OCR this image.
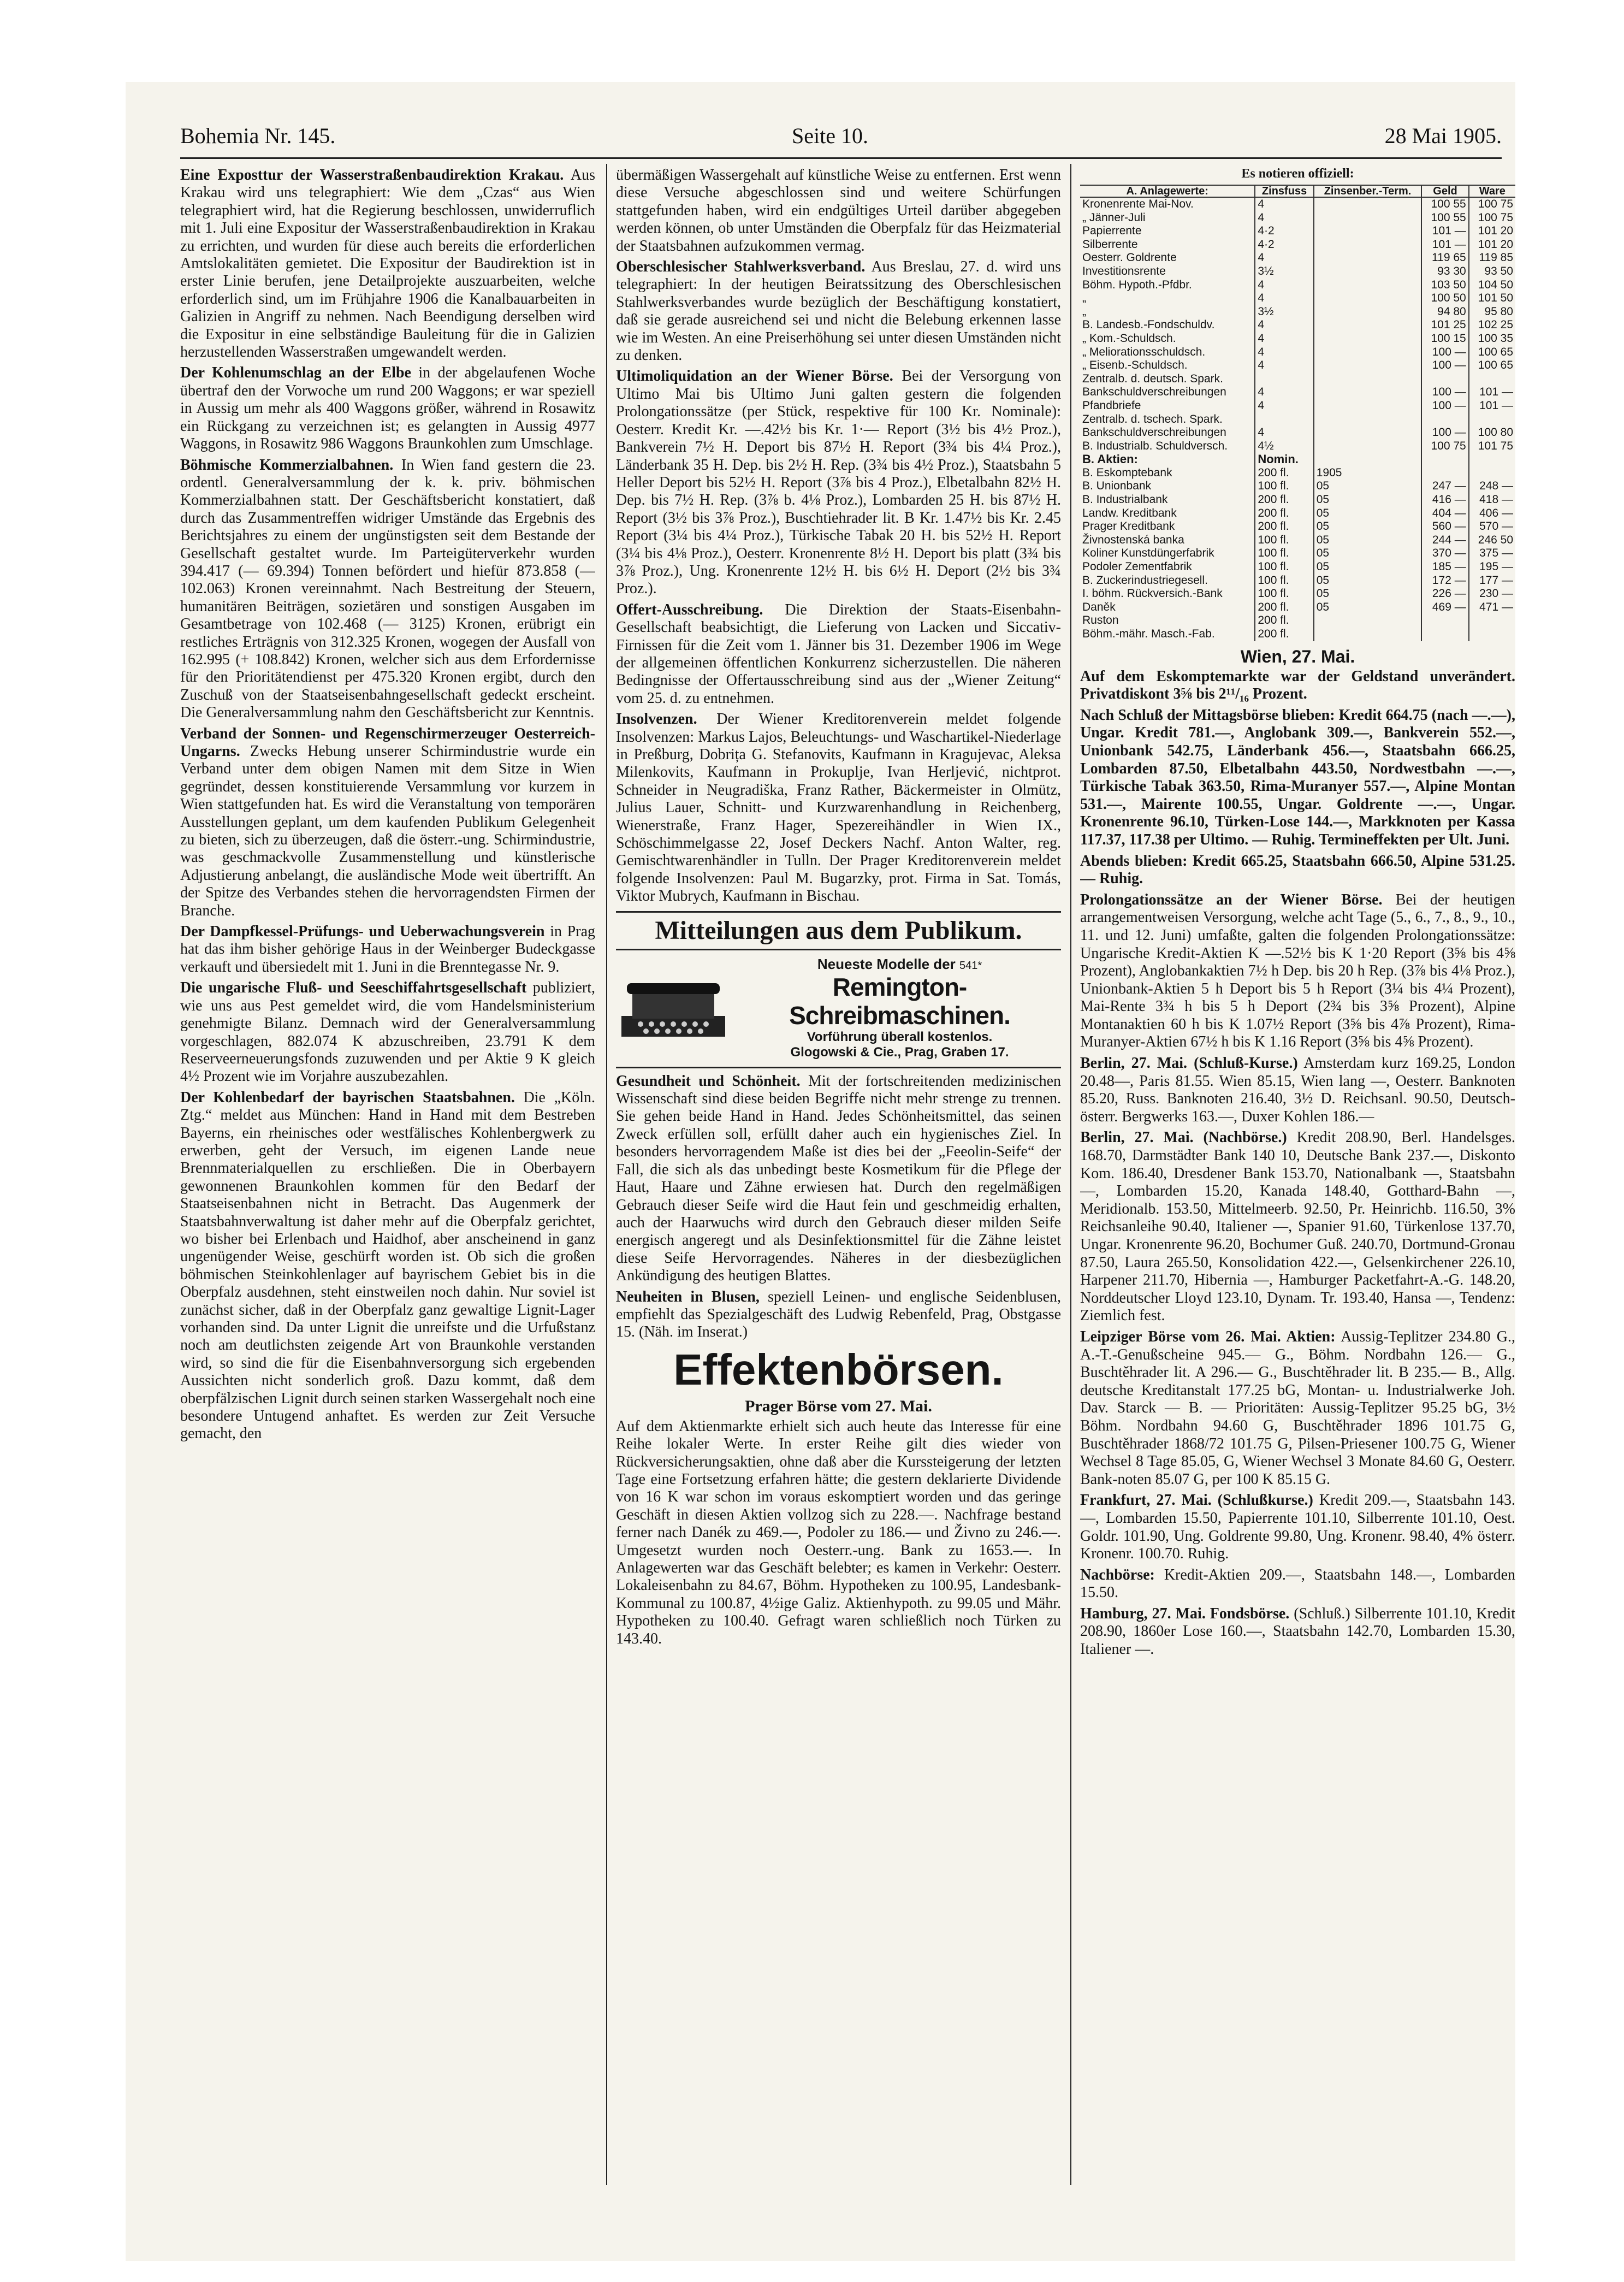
Bohemia Nr. 145.	Seite 10.	28 Mai 1905.

Eine Exposttur der Wasserstraßenbaudirektion Krakau. Aus Krakau wird uns telegraphiert: Wie dem „Czas“ aus Wien telegraphiert wird, hat die Regierung beschlossen, unwiderruflich mit 1. Juli eine Expositur der Wasserstraßenbaudirektion in Krakau zu errichten, und wurden für diese auch bereits die erforderlichen Amtslokalitäten gemietet. Die Expositur der Baudirektion ist in erster Linie berufen, jene Detailprojekte auszuarbeiten, welche erforderlich sind, um im Frühjahre 1906 die Kanalbauarbeiten in Galizien in Angriff zu nehmen. Nach Beendigung derselben wird die Expositur in eine selbständige Bauleitung für die in Galizien herzustellenden Wasserstraßen umgewandelt werden.

Der Kohlenumschlag an der Elbe in der abgelaufenen Woche übertraf den der Vorwoche um rund 200 Waggons; er war speziell in Aussig um mehr als 400 Waggons größer, während in Rosawitz ein Rückgang zu verzeichnen ist; es gelangten in Aussig 4977 Waggons, in Rosawitz 986 Waggons Braunkohlen zum Umschlage.

Böhmische Kommerzialbahnen. In Wien fand gestern die 23. ordentl. Generalversammlung der k. k. priv. böhmischen Kommerzialbahnen statt. Der Geschäftsbericht konstatiert, daß durch das Zusammentreffen widriger Umstände das Ergebnis des Berichtsjahres zu einem der ungünstigsten seit dem Bestande der Gesellschaft gestaltet wurde. Im Parteigüterverkehr wurden 394.417 (— 69.394) Tonnen befördert und hiefür 873.858 (— 102.063) Kronen vereinnahmt. Nach Bestreitung der Steuern, humanitären Beiträgen, sozietären und sonstigen Ausgaben im Gesamtbetrage von 102.468 (— 3125) Kronen, erübrigt ein restliches Erträgnis von 312.325 Kronen, wogegen der Ausfall von 162.995 (+ 108.842) Kronen, welcher sich aus dem Erfordernisse für den Prioritätendienst per 475.320 Kronen ergibt, durch den Zuschuß von der Staatseisenbahngesellschaft gedeckt erscheint. Die Generalversammlung nahm den Geschäftsbericht zur Kenntnis.

Verband der Sonnen- und Regenschirmerzeuger Oesterreich-Ungarns. Zwecks Hebung unserer Schirmindustrie wurde ein Verband unter dem obigen Namen mit dem Sitze in Wien gegründet, dessen konstituierende Versammlung vor kurzem in Wien stattgefunden hat. Es wird die Veranstaltung von temporären Ausstellungen geplant, um dem kaufenden Publikum Gelegenheit zu bieten, sich zu überzeugen, daß die österr.-ung. Schirmindustrie, was geschmackvolle Zusammenstellung und künstlerische Adjustierung anbelangt, die ausländische Mode weit übertrifft. An der Spitze des Verbandes stehen die hervorragendsten Firmen der Branche.

Der Dampfkessel-Prüfungs- und Ueberwachungsverein in Prag hat das ihm bisher gehörige Haus in der Weinberger Budeckgasse verkauft und übersiedelt mit 1. Juni in die Brenntegasse Nr. 9.

Die ungarische Fluß- und Seeschiffahrtsgesellschaft publiziert, wie uns aus Pest gemeldet wird, die vom Handelsministerium genehmigte Bilanz. Demnach wird der Generalversammlung vorgeschlagen, 882.074 K abzuschreiben, 23.791 K dem Reserveerneuerungsfonds zuzuwenden und per Aktie 9 K gleich 4½ Prozent wie im Vorjahre auszubezahlen.

Der Kohlenbedarf der bayrischen Staatsbahnen. Die „Köln. Ztg.“ meldet aus München: Hand in Hand mit dem Bestreben Bayerns, ein rheinisches oder westfälisches Kohlenbergwerk zu erwerben, geht der Versuch, im eigenen Lande neue Brennmaterialquellen zu erschließen. Die in Oberbayern gewonnenen Braunkohlen kommen für den Bedarf der Staatseisenbahnen nicht in Betracht. Das Augenmerk der Staatsbahnverwaltung ist daher mehr auf die Oberpfalz gerichtet, wo bisher bei Erlenbach und Haidhof, aber anscheinend in ganz ungenügender Weise, geschürft worden ist. Ob sich die großen böhmischen Steinkohlenlager auf bayrischem Gebiet bis in die Oberpfalz ausdehnen, steht einstweilen noch dahin. Nur soviel ist zunächst sicher, daß in der Oberpfalz ganz gewaltige Lignit-Lager vorhanden sind. Da unter Lignit die unreifste und die Urfußstanz noch am deutlichsten zeigende Art von Braunkohle verstanden wird, so sind die für die Eisenbahnversorgung sich ergebenden Aussichten nicht sonderlich groß. Dazu kommt, daß dem oberpfälzischen Lignit durch seinen starken Wassergehalt noch eine besondere Untugend anhaftet. Es werden zur Zeit Versuche gemacht, den

übermäßigen Wassergehalt auf künstliche Weise zu entfernen. Erst wenn diese Versuche abgeschlossen sind und weitere Schürfungen stattgefunden haben, wird ein endgültiges Urteil darüber abgegeben werden können, ob unter Umständen die Oberpfalz für das Heizmaterial der Staatsbahnen aufzukommen vermag.

Oberschlesischer Stahlwerksverband. Aus Breslau, 27. d. wird uns telegraphiert: In der heutigen Beiratssitzung des Oberschlesischen Stahlwerksverbandes wurde bezüglich der Beschäftigung konstatiert, daß sie gerade ausreichend sei und nicht die Belebung erkennen lasse wie im Westen. An eine Preiserhöhung sei unter diesen Umständen nicht zu denken.

Ultimoliquidation an der Wiener Börse. Bei der Versorgung von Ultimo Mai bis Ultimo Juni galten gestern die folgenden Prolongationssätze (per Stück, respektive für 100 Kr. Nominale): Oesterr. Kredit Kr. —.42½ bis Kr. 1·— Report (3½ bis 4½ Proz.), Bankverein 7½ H. Deport bis 87½ H. Report (3¾ bis 4¼ Proz.), Länderbank 35 H. Dep. bis 2½ H. Rep. (3¾ bis 4½ Proz.), Staatsbahn 5 Heller Deport bis 52½ H. Report (3⅞ bis 4 Proz.), Elbetalbahn 82½ H. Dep. bis 7½ H. Rep. (3⅞ b. 4⅛ Proz.), Lombarden 25 H. bis 87½ H. Report (3½ bis 3⅞ Proz.), Buschtiehrader lit. B Kr. 1.47½ bis Kr. 2.45 Report (3¼ bis 4¼ Proz.), Türkische Tabak 20 H. bis 52½ H. Report (3¼ bis 4⅛ Proz.), Oesterr. Kronenrente 8½ H. Deport bis platt (3¾ bis 3⅞ Proz.), Ung. Kronenrente 12½ H. bis 6½ H. Deport (2½ bis 3¾ Proz.).

Offert-Ausschreibung. Die Direktion der Staats-Eisenbahn-Gesellschaft beabsichtigt, die Lieferung von Lacken und Siccativ-Firnissen für die Zeit vom 1. Jänner bis 31. Dezember 1906 im Wege der allgemeinen öffentlichen Konkurrenz sicherzustellen. Die näheren Bedingnisse der Offertausschreibung sind aus der „Wiener Zeitung“ vom 25. d. zu entnehmen.

Insolvenzen. Der Wiener Kreditorenverein meldet folgende Insolvenzen: Markus Lajos, Beleuchtungs- und Waschartikel-Niederlage in Preßburg, Dobrița G. Stefanovits, Kaufmann in Kragujevac, Aleksa Milenkovits, Kaufmann in Prokuplje, Ivan Herljević, nichtprot. Schneider in Neugradiška, Franz Rather, Bäckermeister in Olmütz, Julius Lauer, Schnitt- und Kurzwarenhandlung in Reichenberg, Wienerstraße, Franz Hager, Spezereihändler in Wien IX., Schöschimmelgasse 22, Josef Deckers Nachf. Anton Walter, reg. Gemischtwarenhändler in Tulln. Der Prager Kreditorenverein meldet folgende Insolvenzen: Paul M. Bugarzky, prot. Firma in Sat. Tomás, Viktor Mubrych, Kaufmann in Bischau.

Mitteilungen aus dem Publikum.
Neueste Modelle der 541*
Remington-Schreibmaschinen.
Vorführung überall kostenlos.
Glogowski & Cie., Prag, Graben 17.

Gesundheit und Schönheit. Mit der fortschreitenden medizinischen Wissenschaft sind diese beiden Begriffe nicht mehr strenge zu trennen. Sie gehen beide Hand in Hand. Jedes Schönheitsmittel, das seinen Zweck erfüllen soll, erfüllt daher auch ein hygienisches Ziel. In besonders hervorragendem Maße ist dies bei der „Feeolin-Seife“ der Fall, die sich als das unbedingt beste Kosmetikum für die Pflege der Haut, Haare und Zähne erwiesen hat. Durch den regelmäßigen Gebrauch dieser Seife wird die Haut fein und geschmeidig erhalten, auch der Haarwuchs wird durch den Gebrauch dieser milden Seife energisch angeregt und als Desinfektionsmittel für die Zähne leistet diese Seife Hervorragendes. Näheres in der diesbezüglichen Ankündigung des heutigen Blattes.

Neuheiten in Blusen, speziell Leinen- und englische Seidenblusen, empfiehlt das Spezialgeschäft des Ludwig Rebenfeld, Prag, Obstgasse 15. (Näh. im Inserat.)

Effektenbörsen.
Prager Börse vom 27. Mai.

Auf dem Aktienmarkte erhielt sich auch heute das Interesse für eine Reihe lokaler Werte. In erster Reihe gilt dies wieder von Rückversicherungsaktien, ohne daß aber die Kurssteigerung der letzten Tage eine Fortsetzung erfahren hätte; die gestern deklarierte Dividende von 16 K war schon im voraus eskomptiert worden und das geringe Geschäft in diesen Aktien vollzog sich zu 228.—. Nachfrage bestand ferner nach Danék zu 469.—, Podoler zu 186.— und Živno zu 246.—. Umgesetzt wurden noch Oesterr.-ung. Bank zu 1653.—. In Anlagewerten war das Geschäft belebter; es kamen in Verkehr: Oesterr. Lokaleisenbahn zu 84.67, Böhm. Hypotheken zu 100.95, Landesbank-Kommunal zu 100.87, 4½ige Galiz. Aktienhypoth. zu 99.05 und Mähr. Hypotheken zu 100.40. Gefragt waren schließlich noch Türken zu 143.40.

Es notieren offiziell:
A. Anlagewerte:	Zinsfuss	Zinsenber.-Term.	Geld	Ware
Kronenrente Mai-Nov.	4		100 55	100 75
„ Jänner-Juli	4		100 55	100 75
Papierrente	4·2		101 —	101 20
Silberrente	4·2		101 —	101 20
Oesterr. Goldrente	4		119 65	119 85
Investitionsrente	3½		93 30	93 50
Böhm. Hypoth.-Pfdbr.	4		103 50	104 50
„	4		100 50	101 50
„	3½		94 80	95 80
B. Landesb.-Fondschuldv.	4		101 25	102 25
„ Kom.-Schuldsch.	4		100 15	100 35
„ Meliorationsschuldsch.	4		100 —	100 65
„ Eisenb.-Schuldsch.	4		100 —	100 65
Zentralb. d. deutsch. Spark.				
Bankschuldverschreibungen	4		100 —	101 —
Pfandbriefe	4		100 —	101 —
Zentralb. d. tschech. Spark.				
Bankschuldverschreibungen	4		100 —	100 80
B. Industrialb. Schuldversch.	4½		100 75	101 75
B. Aktien:	Nomin.			
B. Eskomptebank	200 fl.	1905		
B. Unionbank	100 fl.	05	247 —	248 —
B. Industrialbank	200 fl.	05	416 —	418 —
Landw. Kreditbank	200 fl.	05	404 —	406 —
Prager Kreditbank	200 fl.	05	560 —	570 —
Živnostenská banka	100 fl.	05	244 —	246 50
Koliner Kunstdüngerfabrik	100 fl.	05	370 —	375 —
Podoler Zementfabrik	100 fl.	05	185 —	195 —
B. Zuckerindustriegesell.	100 fl.	05	172 —	177 —
I. böhm. Rückversich.-Bank	100 fl.	05	226 —	230 —
Daněk	200 fl.	05	469 —	471 —
Ruston	200 fl.			
Böhm.-mähr. Masch.-Fab.	200 fl.			
Wien, 27. Mai.

Auf dem Eskomptemarkte war der Geldstand unverändert. Privatdiskont 3⅝ bis 2¹¹/₁₆ Prozent.

Nach Schluß der Mittagsbörse blieben: Kredit 664.75 (nach —.—), Ungar. Kredit 781.—, Anglobank 309.—, Bankverein 552.—, Unionbank 542.75, Länderbank 456.—, Staatsbahn 666.25, Lombarden 87.50, Elbetalbahn 443.50, Nordwestbahn —.—, Türkische Tabak 363.50, Rima-Muranyer 557.—, Alpine Montan 531.—, Mairente 100.55, Ungar. Goldrente —.—, Ungar. Kronenrente 96.10, Türken-Lose 144.—, Markknoten per Kassa 117.37, 117.38 per Ultimo. — Ruhig. Termineffekten per Ult. Juni.

Abends blieben: Kredit 665.25, Staatsbahn 666.50, Alpine 531.25. — Ruhig.

Prolongationssätze an der Wiener Börse. Bei der heutigen arrangementweisen Versorgung, welche acht Tage (5., 6., 7., 8., 9., 10., 11. und 12. Juni) umfaßte, galten die folgenden Prolongationssätze: Ungarische Kredit-Aktien K —.52½ bis K 1·20 Report (3⅝ bis 4⅝ Prozent), Anglobankaktien 7½ h Dep. bis 20 h Rep. (3⅞ bis 4⅛ Proz.), Unionbank-Aktien 5 h Deport bis 5 h Report (3¼ bis 4¼ Prozent), Mai-Rente 3¾ h bis 5 h Deport (2¾ bis 3⅝ Prozent), Alpine Montanaktien 60 h bis K 1.07½ Report (3⅝ bis 4⅞ Prozent), Rima-Muranyer-Aktien 67½ h bis K 1.16 Report (3⅝ bis 4⅝ Prozent).

Berlin, 27. Mai. (Schluß-Kurse.) Amsterdam kurz 169.25, London 20.48—, Paris 81.55. Wien 85.15, Wien lang —, Oesterr. Banknoten 85.20, Russ. Banknoten 216.40, 3½ D. Reichsanl. 90.50, Deutsch-österr. Bergwerks 163.—, Duxer Kohlen 186.—

Berlin, 27. Mai. (Nachbörse.) Kredit 208.90, Berl. Handelsges. 168.70, Darmstädter Bank 140 10, Deutsche Bank 237.—, Diskonto Kom. 186.40, Dresdener Bank 153.70, Nationalbank —, Staatsbahn —, Lombarden 15.20, Kanada 148.40, Gotthard-Bahn —, Meridionalb. 153.50, Mittelmeerb. 92.50, Pr. Heinrichb. 116.50, 3% Reichsanleihe 90.40, Italiener —, Spanier 91.60, Türkenlose 137.70, Ungar. Kronenrente 96.20, Bochumer Guß. 240.70, Dortmund-Gronau 87.50, Laura 265.50, Konsolidation 422.—, Gelsenkirchener 226.10, Harpener 211.70, Hibernia —, Hamburger Packetfahrt-A.-G. 148.20, Norddeutscher Lloyd 123.10, Dynam. Tr. 193.40, Hansa —, Tendenz: Ziemlich fest.

Leipziger Börse vom 26. Mai. Aktien: Aussig-Teplitzer 234.80 G., A.-T.-Genußscheine 945.— G., Böhm. Nordbahn 126.— G., Buschtěhrader lit. A 296.— G., Buschtěhrader lit. B 235.— B., Allg. deutsche Kreditanstalt 177.25 bG, Montan- u. Industrialwerke Joh. Dav. Starck — B. — Prioritäten: Aussig-Teplitzer 95.25 bG, 3½ Böhm. Nordbahn 94.60 G, Buschtěhrader 1896 101.75 G, Buschtěhrader 1868/72 101.75 G, Pilsen-Priesener 100.75 G, Wiener Wechsel 8 Tage 85.05, G, Wiener Wechsel 3 Monate 84.60 G, Oesterr. Bank-noten 85.07 G, per 100 K 85.15 G.

Frankfurt, 27. Mai. (Schlußkurse.) Kredit 209.—, Staatsbahn 143.—, Lombarden 15.50, Papierrente 101.10, Silberrente 101.10, Oest. Goldr. 101.90, Ung. Goldrente 99.80, Ung. Kronenr. 98.40, 4% österr. Kronenr. 100.70. Ruhig.

Nachbörse: Kredit-Aktien 209.—, Staatsbahn 148.—, Lombarden 15.50.

Hamburg, 27. Mai. Fondsbörse. (Schluß.) Silberrente 101.10, Kredit 208.90, 1860er Lose 160.—, Staatsbahn 142.70, Lombarden 15.30, Italiener —.
